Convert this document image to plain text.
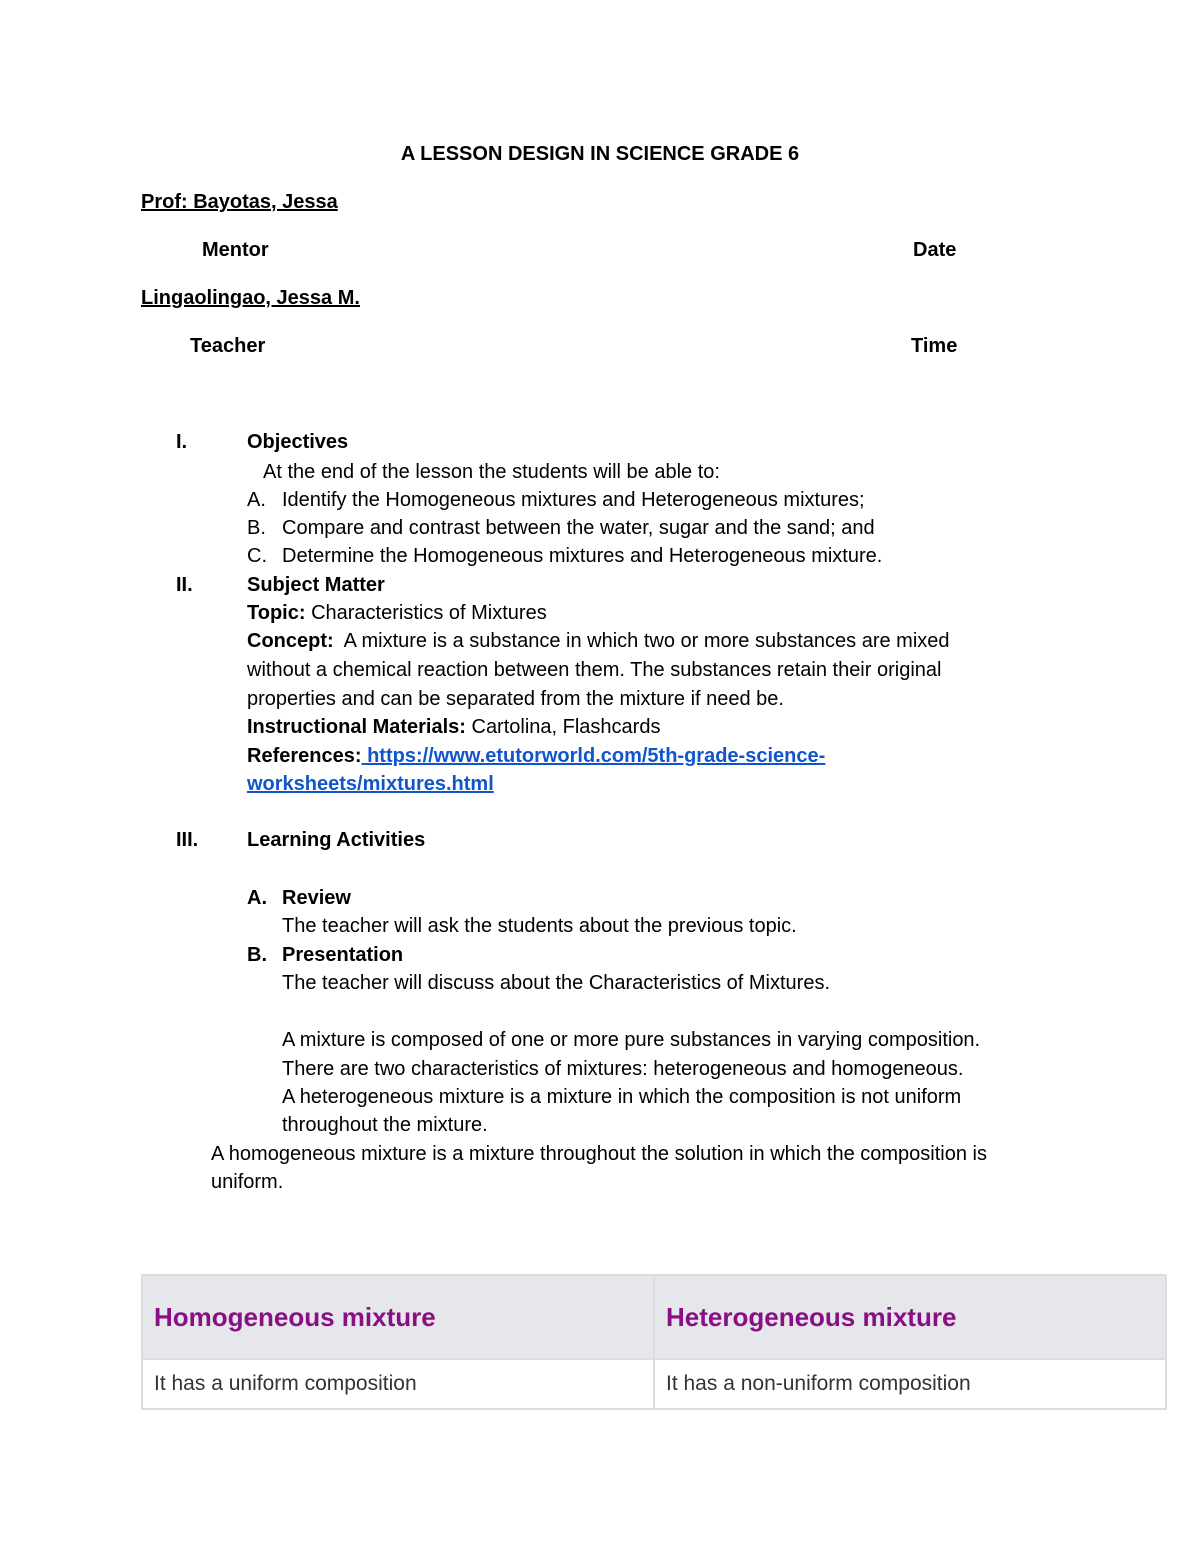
A LESSON DESIGN IN SCIENCE GRADE 6
Prof: Bayotas, Jessa
Mentor	Date
Lingaolingao, Jessa M.
Teacher	Time
I.	Objectives
At the end of the lesson the students will be able to:
A. Identify the Homogeneous mixtures and Heterogeneous mixtures;
B. Compare and contrast between the water, sugar and the sand; and
C. Determine the Homogeneous mixtures and Heterogeneous mixture.
II.	Subject Matter
Topic: Characteristics of Mixtures
Concept:  A mixture is a substance in which two or more substances are mixed
without a chemical reaction between them. The substances retain their original
properties and can be separated from the mixture if need be.
Instructional Materials: Cartolina, Flashcards
References: https://www.etutorworld.com/5th-grade-science-
worksheets/mixtures.html
III. Learning Activities
A. Review
The teacher will ask the students about the previous topic.
B. Presentation
The teacher will discuss about the Characteristics of Mixtures.
A mixture is composed of one or more pure substances in varying composition.
There are two characteristics of mixtures: heterogeneous and homogeneous.
A heterogeneous mixture is a mixture in which the composition is not uniform
throughout the mixture.
A homogeneous mixture is a mixture throughout the solution in which the composition is
uniform.
Homogeneous mixture	Heterogeneous mixture
It has a uniform composition	It has a non-uniform composition
